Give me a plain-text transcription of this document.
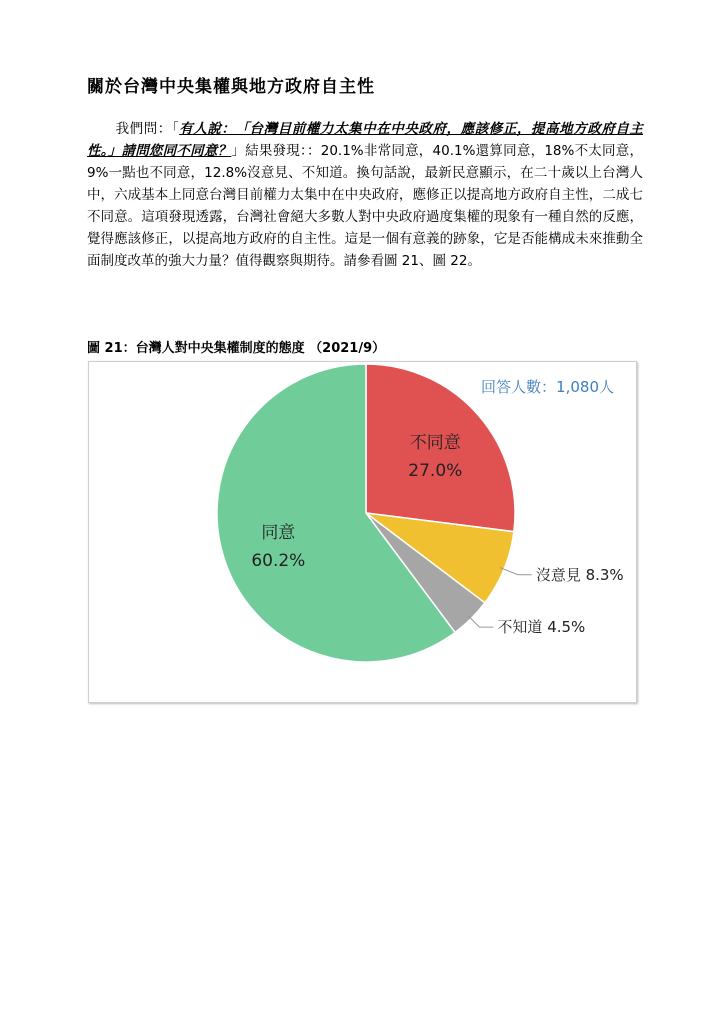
關於台灣中央集權與地方政府自主性

我們問：「有人說：「台灣目前權力太集中在中央政府，應該修正，提高地方政府自主性。」請問您同不同意？」結果發現：：20.1%非常同意，40.1%還算同意，18%不太同意，9%一點也不同意，12.8%沒意見、不知道。換句話說，最新民意顯示，在二十歲以上台灣人中，六成基本上同意台灣目前權力太集中在中央政府，應修正以提高地方政府自主性，二成七不同意。這項發現透露，台灣社會絕大多數人對中央政府過度集權的現象有一種自然的反應，覺得應該修正，以提高地方政府的自主性。這是一個有意義的跡象，它是否能構成未來推動全面制度改革的強大力量？值得觀察與期待。請參看圖 21、圖 22。

圖 21：台灣人對中央集權制度的態度 （2021/9）
回答人數：1,080人
不同意
27.0%
同意
60.2%
沒意見 8.3%
不知道 4.5%
